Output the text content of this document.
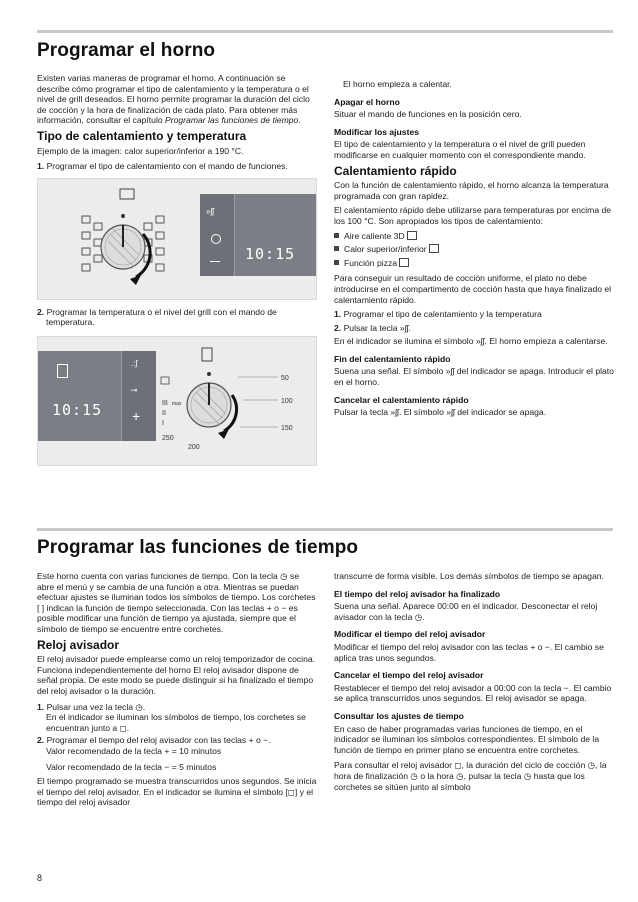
Programar el horno

Existen varias maneras de programar el horno. A continuación se describe cómo programar el tipo de calentamiento y la temperatura o el nivel de grill deseados. El horno permite programar la duración del ciclo de cocción y la hora de finalización de cada plato. Para obtener más información, consultar el capítulo Programar las funciones de tiempo.

Tipo de calentamiento y temperatura

Ejemplo de la imagen: calor superior/inferior a 190 °C.

1. Programar el tipo de calentamiento con el mando de funciones.
»ʃʃ
10:15
2. Programar la temperatura o el nivel del grill con el mando de temperatura.
10:15
.:ʃ
⊸
+
50
100
150
200
250
I
II
III max

El horno empieza a calentar.

Apagar el horno

Situar el mando de funciones en la posición cero.

Modificar los ajustes

El tipo de calentamiento y la temperatura o el nivel de grill pueden modificarse en cualquier momento con el correspondiente mando.

Calentamiento rápido

Con la función de calentamiento rápido, el horno alcanza la temperatura programada con gran rapidez.

El calentamiento rápido debe utilizarse para temperaturas por encima de los 100 °C. Son apropiados los tipos de calentamiento:

Aire caliente 3D
Calor superior/inferior
Función pizza

Para conseguir un resultado de cocción uniforme, el plato no debe introducirse en el compartimento de cocción hasta que haya finalizado el calentamiento rápido.

1. Programar el tipo de calentamiento y la temperatura
2. Pulsar la tecla »ʃʃ.

En el indicador se ilumina el símbolo »ʃʃ. El horno empieza a calentarse.

Fin del calentamiento rápido

Suena una señal. El símbolo »ʃʃ del indicador se apaga. Introducir el plato en el horno.

Cancelar el calentamiento rápido

Pulsar la tecla »ʃʃ. El símbolo »ʃʃ del indicador se apaga.

Programar las funciones de tiempo

Este horno cuenta con varias funciones de tiempo. Con la tecla ◷ se abre el menú y se cambia de una función a otra. Mientras se puedan efectuar ajustes se iluminan todos los símbolos de tiempo. Los corchetes [ ] indican la función de tiempo seleccionada. Con las teclas + o − es posible modificar una función de tiempo ya ajustada, siempre que el símbolo de tiempo se encuentre entre corchetes.

Reloj avisador

El reloj avisador puede emplearse como un reloj temporizador de cocina. Funciona independientemente del horno El reloj avisador dispone de señal propia. De este modo se puede distinguir si ha finalizado el tiempo del reloj avisador o la duración.

1. Pulsar una vez la tecla ◷.

En el indicador se iluminan los símbolos de tiempo, los corchetes se encuentran junto a ◻.

2. Programar el tiempo del reloj avisador con las teclas + o −.

Valor recomendado de la tecla + = 10 minutos

Valor recomendado de la tecla − = 5 minutos

El tiempo programado se muestra transcurridos unos segundos. Se inicia el tiempo del reloj avisador. En el indicador se ilumina el símbolo [◻] y el tiempo del reloj avisador

transcurre de forma visible. Los demás símbolos de tiempo se apagan.

El tiempo del reloj avisador ha finalizado

Suena una señal. Aparece 00:00 en el indicador. Desconectar el reloj avisador con la tecla ◷.

Modificar el tiempo del reloj avisador

Modificar el tiempo del reloj avisador con las teclas + o −. El cambio se aplica tras unos segundos.

Cancelar el tiempo del reloj avisador

Restablecer el tiempo del reloj avisador a 00:00 con la tecla −. El cambio se aplica transcurridos unos segundos. El reloj avisador se apaga.

Consultar los ajustes de tiempo

En caso de haber programadas varias funciones de tiempo, en el indicador se iluminan los símbolos correspondientes. El símbolo de la función de tiempo en primer plano se encuentra entre corchetes.

Para consultar el reloj avisador ◻, la duración del ciclo de cocción ◷, la hora de finalización ◷ o la hora ◷, pulsar la tecla ◷ hasta que los corchetes se sitúen junto al símbolo

8
